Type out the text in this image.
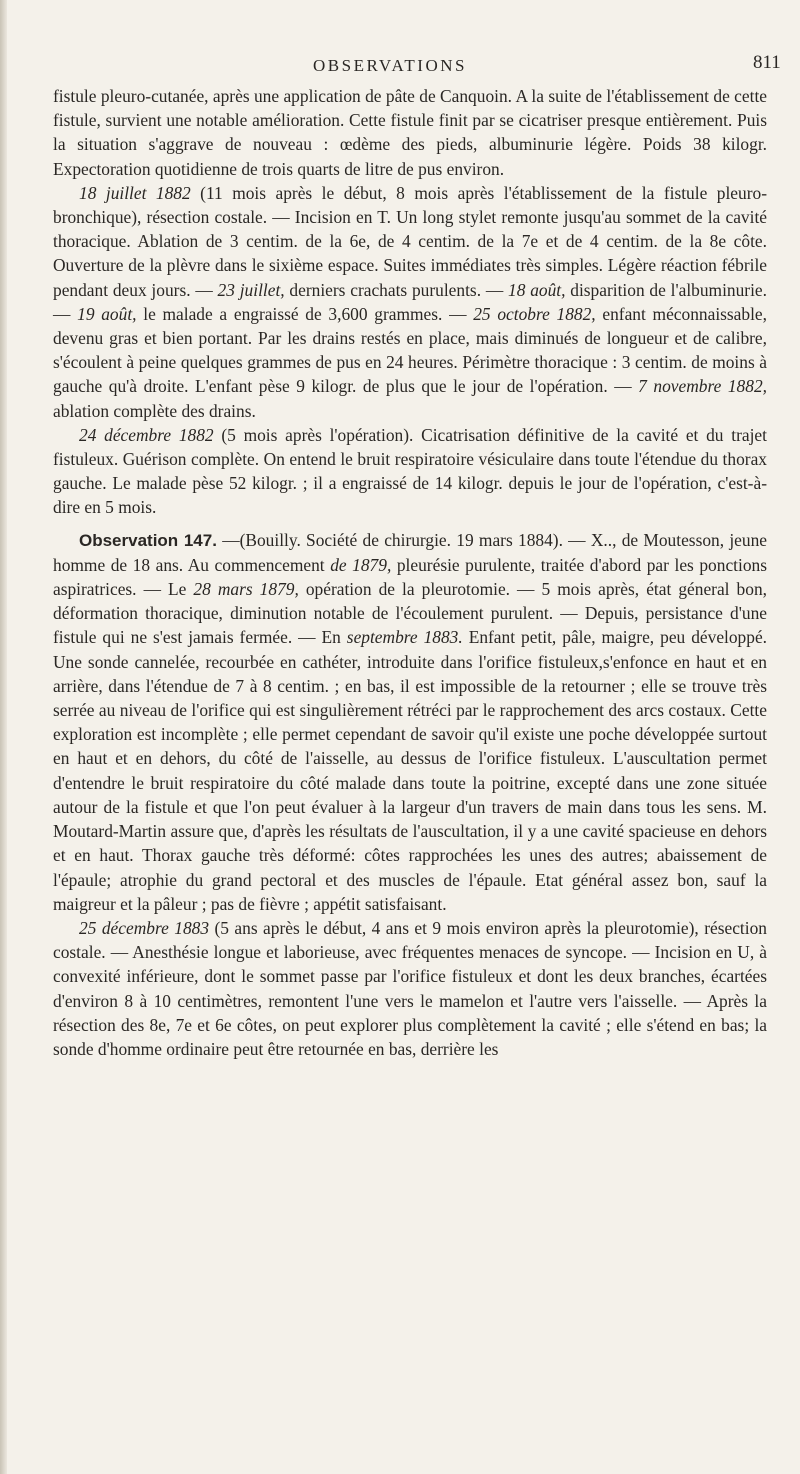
OBSERVATIONS	811

fistule pleuro-cutanée, après une application de pâte de Canquoin. A la suite de l'établissement de cette fistule, survient une notable amélioration. Cette fistule finit par se cicatriser presque entièrement. Puis la situation s'aggrave de nouveau : œdème des pieds, albuminurie légère. Poids 38 kilogr. Expectoration quotidienne de trois quarts de litre de pus environ.

18 juillet 1882 (11 mois après le début, 8 mois après l'établissement de la fistule pleuro-bronchique), résection costale. — Incision en T. Un long stylet remonte jusqu'au sommet de la cavité thoracique. Ablation de 3 centim. de la 6e, de 4 centim. de la 7e et de 4 centim. de la 8e côte. Ouverture de la plèvre dans le sixième espace. Suites immédiates très simples. Légère réaction fébrile pendant deux jours. — 23 juillet, derniers crachats purulents. — 18 août, disparition de l'albuminurie. — 19 août, le malade a engraissé de 3,600 grammes. — 25 octobre 1882, enfant méconnaissable, devenu gras et bien portant. Par les drains restés en place, mais diminués de longueur et de calibre, s'écoulent à peine quelques grammes de pus en 24 heures. Périmètre thoracique : 3 centim. de moins à gauche qu'à droite. L'enfant pèse 9 kilogr. de plus que le jour de l'opération. — 7 novembre 1882, ablation complète des drains.

24 décembre 1882 (5 mois après l'opération). Cicatrisation définitive de la cavité et du trajet fistuleux. Guérison complète. On entend le bruit respiratoire vésiculaire dans toute l'étendue du thorax gauche. Le malade pèse 52 kilogr. ; il a engraissé de 14 kilogr. depuis le jour de l'opération, c'est-à-dire en 5 mois.

Observation 147. —(Bouilly. Société de chirurgie. 19 mars 1884). — X.., de Moutesson, jeune homme de 18 ans. Au commencement de 1879, pleurésie purulente, traitée d'abord par les ponctions aspiratrices. — Le 28 mars 1879, opération de la pleurotomie. — 5 mois après, état géneral bon, déformation thoracique, diminution notable de l'écoulement purulent. — Depuis, persistance d'une fistule qui ne s'est jamais fermée. — En septembre 1883. Enfant petit, pâle, maigre, peu développé. Une sonde cannelée, recourbée en cathéter, introduite dans l'orifice fistuleux,s'enfonce en haut et en arrière, dans l'étendue de 7 à 8 centim. ; en bas, il est impossible de la retourner ; elle se trouve très serrée au niveau de l'orifice qui est singulièrement rétréci par le rapprochement des arcs costaux. Cette exploration est incomplète ; elle permet cependant de savoir qu'il existe une poche développée surtout en haut et en dehors, du côté de l'aisselle, au dessus de l'orifice fistuleux. L'auscultation permet d'entendre le bruit respiratoire du côté malade dans toute la poitrine, excepté dans une zone située autour de la fistule et que l'on peut évaluer à la largeur d'un travers de main dans tous les sens. M. Moutard-Martin assure que, d'après les résultats de l'auscultation, il y a une cavité spacieuse en dehors et en haut. Thorax gauche très déformé: côtes rapprochées les unes des autres; abaissement de l'épaule; atrophie du grand pectoral et des muscles de l'épaule. Etat général assez bon, sauf la maigreur et la pâleur ; pas de fièvre ; appétit satisfaisant.

25 décembre 1883 (5 ans après le début, 4 ans et 9 mois environ après la pleurotomie), résection costale. — Anesthésie longue et laborieuse, avec fréquentes menaces de syncope. — Incision en U, à convexité inférieure, dont le sommet passe par l'orifice fistuleux et dont les deux branches, écartées d'environ 8 à 10 centimètres, remontent l'une vers le mamelon et l'autre vers l'aisselle. — Après la résection des 8e, 7e et 6e côtes, on peut explorer plus complètement la cavité ; elle s'étend en bas; la sonde d'homme ordinaire peut être retournée en bas, derrière les
